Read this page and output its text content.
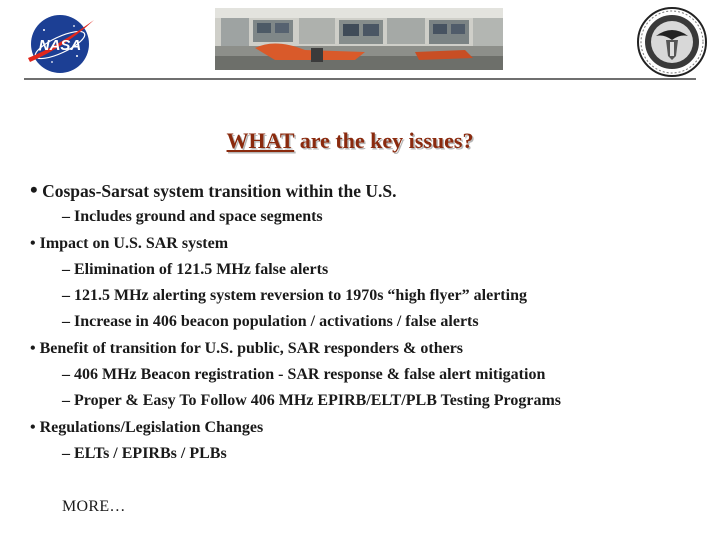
NASA
WHAT are the key issues?
• Cospas-Sarsat system transition within the U.S.
– Includes ground and space segments
• Impact on U.S. SAR system
– Elimination of 121.5 MHz false alerts
– 121.5 MHz alerting system reversion to 1970s “high flyer” alerting
– Increase in 406 beacon population / activations / false alerts
• Benefit of transition for U.S. public, SAR responders & others
– 406 MHz Beacon registration - SAR response & false alert mitigation
– Proper & Easy To Follow 406 MHz EPIRB/ELT/PLB Testing Programs
• Regulations/Legislation Changes
– ELTs / EPIRBs / PLBs
MORE…
